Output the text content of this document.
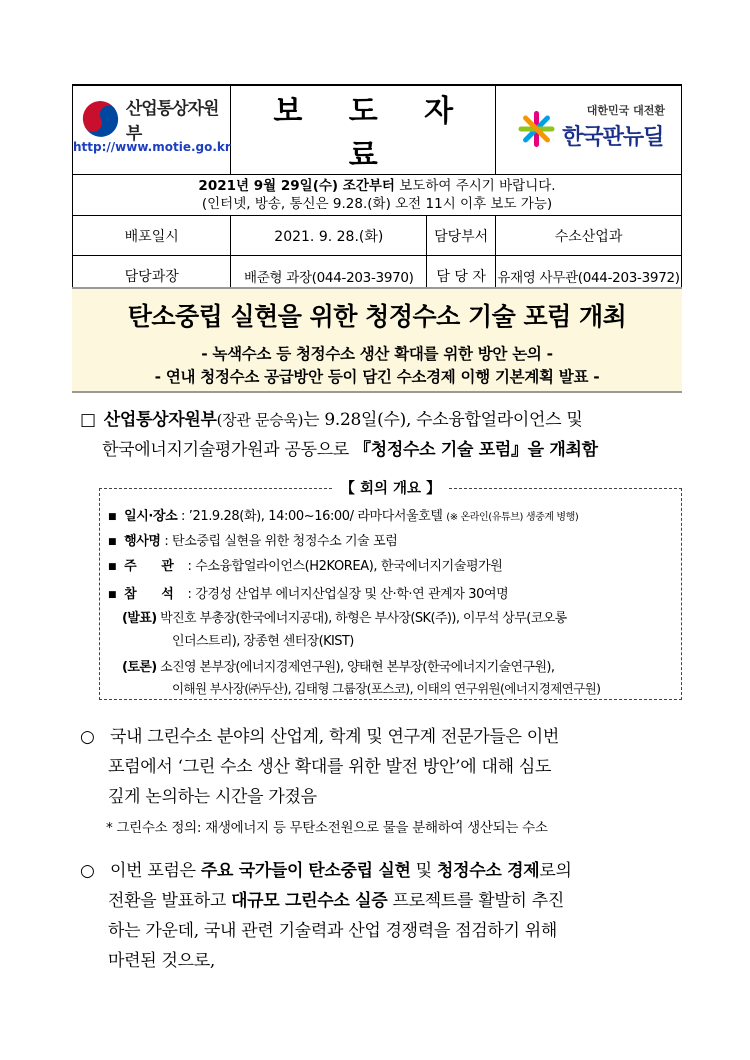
산업통상자원부
http://www.motie.go.kr	보 도 자 료		대한민국 대전환
한국판뉴딜

2021년 9월 29일(수) 조간부터 보도하여 주시기 바랍니다.
(인터넷, 방송, 통신은 9.28.(화) 오전 11시 이후 보도 가능)			

배포일시	2021. 9. 28.(화)	담당부서	수소산업과
담당과장	배준형 과장(044-203-3970)	담 당 자	유재영 사무관(044-203-3972)
탄소중립 실현을 위한 청정수소 기술 포럼 개최
- 녹색수소 등 청정수소 생산 확대를 위한 방안 논의 -
- 연내 청정수소 공급방안 등이 담긴 수소경제 이행 기본계획 발표 -
□ 산업통상자원부(장관 문승욱)는 9.28일(수), 수소융합얼라이언스 및
한국에너지기술평가원과 공동으로 『청정수소 기술 포럼』을 개최함
【 회의 개요 】
■ 일시·장소 : ’21.9.28(화), 14:00~16:00/ 라마다서울호텔 (※ 온라인(유튜브) 생중계 병행)
■ 행사명 : 탄소중립 실현을 위한 청정수소 기술 포럼
■ 주 관 : 수소융합얼라이언스(H2KOREA), 한국에너지기술평가원
■ 참 석 : 강경성 산업부 에너지산업실장 및 산·학·연 관계자 30여명
(발표) 박진호 부총장(한국에너지공대), 하형은 부사장(SK(주)), 이무석 상무(코오롱
인더스트리), 장종현 센터장(KIST)
(토론) 소진영 본부장(에너지경제연구원), 양태현 본부장(한국에너지기술연구원),
이해원 부사장(㈜두산), 김태형 그룹장(포스코), 이태의 연구위원(에너지경제연구원)
○ 국내 그린수소 분야의 산업계, 학계 및 연구계 전문가들은 이번
포럼에서 ‘그린 수소 생산 확대를 위한 발전 방안’에 대해 심도
깊게 논의하는 시간을 가졌음
* 그린수소 정의: 재생에너지 등 무탄소전원으로 물을 분해하여 생산되는 수소
○ 이번 포럼은 주요 국가들이 탄소중립 실현 및 청정수소 경제로의
전환을 발표하고 대규모 그린수소 실증 프로젝트를 활발히 추진
하는 가운데, 국내 관련 기술력과 산업 경쟁력을 점검하기 위해
마련된 것으로,
